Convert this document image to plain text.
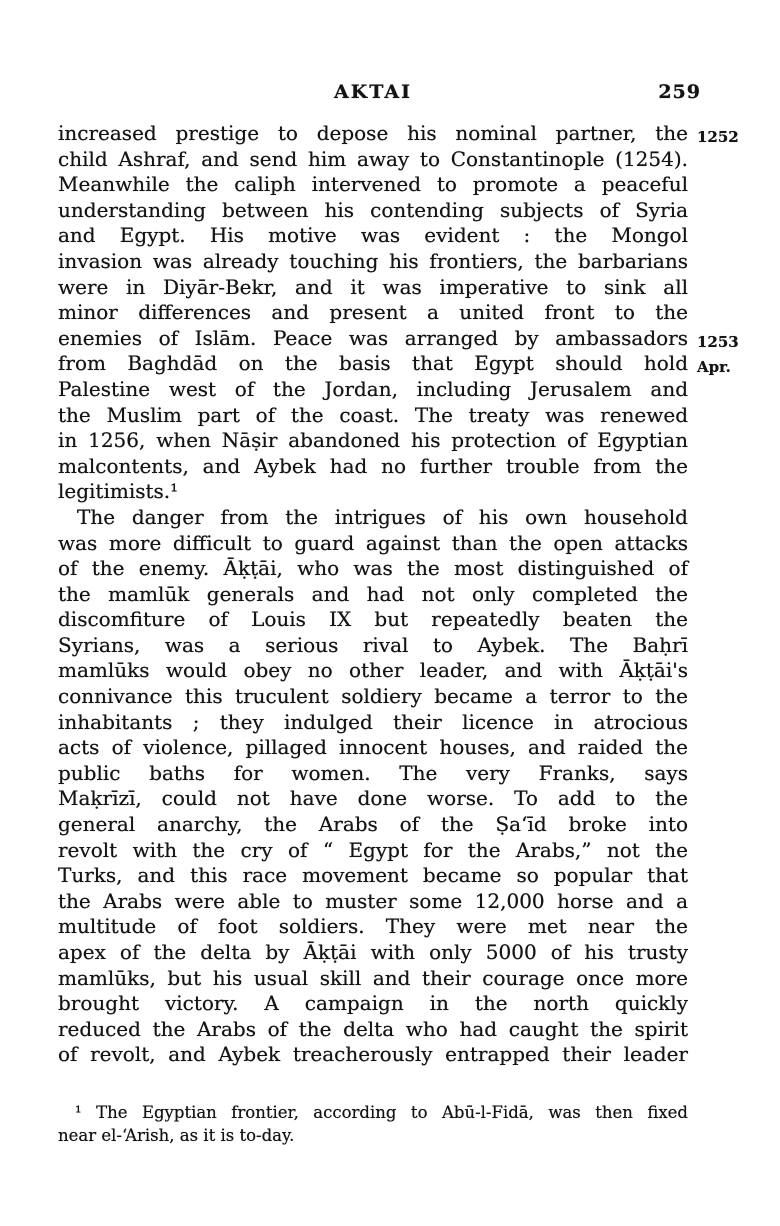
AKTAI	259
increased prestige to depose his nominal partner, the
child Ashraf, and send him away to Constantinople (1254).
Meanwhile the caliph intervened to promote a peaceful
understanding between his contending subjects of Syria
and Egypt. His motive was evident : the Mongol
invasion was already touching his frontiers, the barbarians
were in Diyār-Bekr, and it was imperative to sink all
minor differences and present a united front to the
enemies of Islām. Peace was arranged by ambassadors
from Baghdād on the basis that Egypt should hold
Palestine west of the Jordan, including Jerusalem and
the Muslim part of the coast. The treaty was renewed
in 1256, when Nāṣir abandoned his protection of Egyptian
malcontents, and Aybek had no further trouble from the
legitimists.¹
The danger from the intrigues of his own household
was more difficult to guard against than the open attacks
of the enemy. Āḳṭāi, who was the most distinguished of
the mamlūk generals and had not only completed the
discomfiture of Louis IX but repeatedly beaten the
Syrians, was a serious rival to Aybek. The Baḥrī
mamlūks would obey no other leader, and with Āḳṭāi's
connivance this truculent soldiery became a terror to the
inhabitants ; they indulged their licence in atrocious
acts of violence, pillaged innocent houses, and raided the
public baths for women. The very Franks, says
Maḳrīzī, could not have done worse. To add to the
general anarchy, the Arabs of the Ṣaʻīd broke into
revolt with the cry of “ Egypt for the Arabs,” not the
Turks, and this race movement became so popular that
the Arabs were able to muster some 12,000 horse and a
multitude of foot soldiers. They were met near the
apex of the delta by Āḳṭāi with only 5000 of his trusty
mamlūks, but his usual skill and their courage once more
brought victory. A campaign in the north quickly
reduced the Arabs of the delta who had caught the spirit
of revolt, and Aybek treacherously entrapped their leader
1252
1253
Apr.
¹ The Egyptian frontier, according to Abū-l-Fidā, was then fixed
near el-ʻArish, as it is to-day.
